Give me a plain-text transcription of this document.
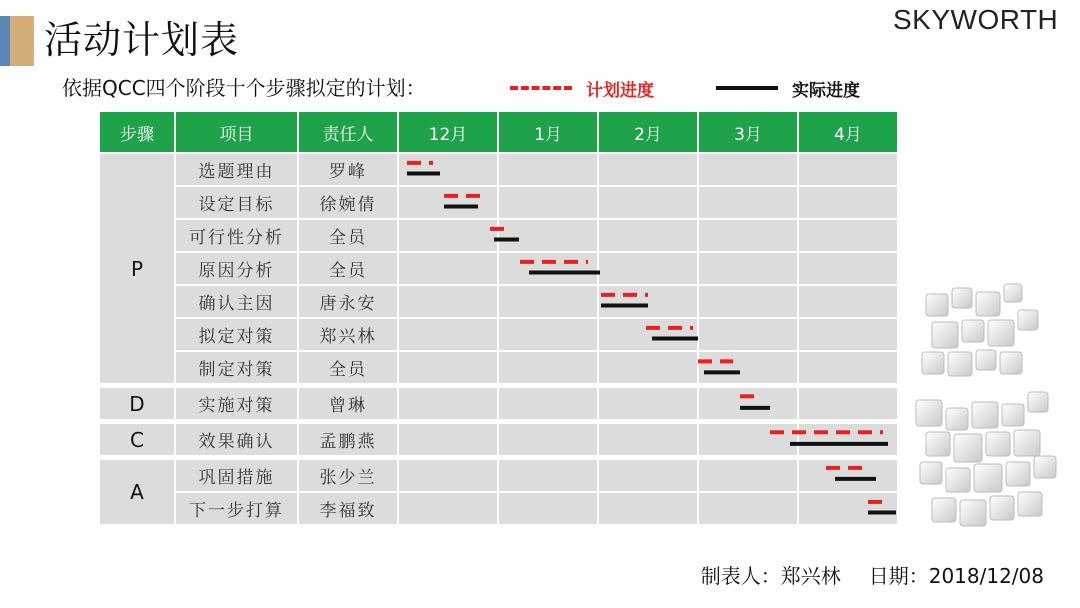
活动计划表	SKYWORTH
依据QCC四个阶段十个步骤拟定的计划：	计划进度	实际进度
步骤	项目	责任人	12月	1月	2月	3月	4月
P	选题理由	罗峰					
	设定目标	徐婉倩					
	可行性分析	全员					
	原因分析	全员					
	确认主因	唐永安					
	拟定对策	郑兴林					
	制定对策	全员					
D	实施对策	曾琳					
C	效果确认	孟鹏燕					
A	巩固措施	张少兰					
	下一步打算	李福致					
制表人：郑兴林 日期：2018/12/08
